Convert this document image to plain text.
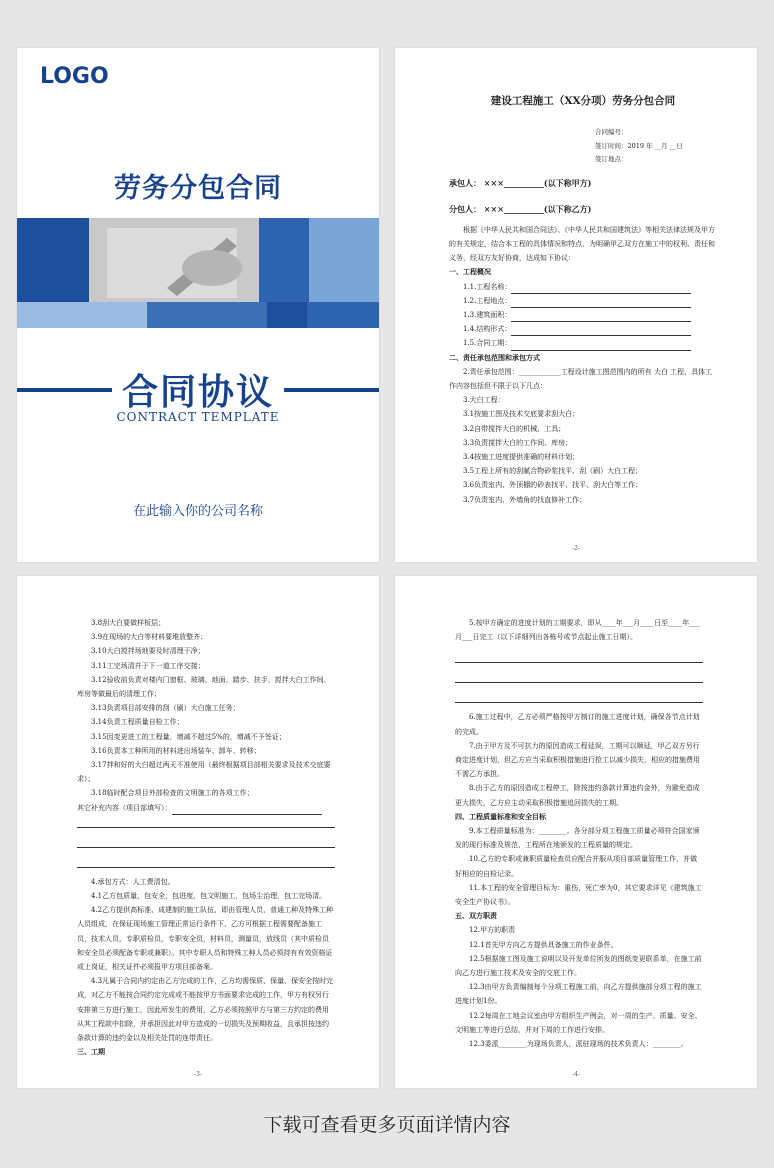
LOGO
劳务分包合同
合同协议
CONTRACT TEMPLATE
在此输入你的公司名称
建设工程施工（XX分项）劳务分包合同

合同编号：

签订时间：2019 年 __月 __日

签订地点：

承包人： ×××__________(以下称甲方)

分包人： ×××__________(以下称乙方)

根据《中华人民共和国合同法》、《中华人民共和国建筑法》等相关法律法规及甲方的有关规定，结合本工程的具体情况和特点，为明确甲乙双方在施工中的权利、责任和义务，经双方友好协商，达成如下协议：

一、工程概况

1.1.工程名称：

1.2.工程地点：

1.3.建筑面积：

1.4.结构形式：

1.5.合同工期：

二、责任承包范围和承包方式

2.责任承包范围：____________工程设计施工图范围内的所有 大白 工程，具体工作内容包括但不限于以下几点：

3.大白工程：

3.1按施工图及技术交底要求刮大白；

3.2自带搅拌大白的机械、工具；

3.3负责搅拌大白的工作间、库房；

3.4按施工进度提供准确的材料计划；

3.5工程上所有的刮腻合物砂浆找平、刮（刷）大白工程；

3.6负责室内、外顶棚的砂表找平、找平、刮大白等工作；

3.7负责室内、外墙角的找直修补工作；

-2-

3.8刮大白要做样板层；

3.9在现场的大白等材料要堆放整齐；

3.10大白搅拌场地要及时清理干净；

3.11工完场清并于下一道工序交接；

3.12验收前负责对楼内门窗框、玻璃、地面、踏步、扶手、搅拌大白工作间、库房等做最后的清理工作；

3.13负责项目部安排的刮（刷）大白施工任务；

3.14负责工程质量自检工作；

3.15因变更进工的工程量，增减不超过5%的，增减不予签证；

3.16负责本工种所用的材料进出场装车、卸车、转移；

3.17拌和好的大白超过两天不准使用（最终根据项目部相关要求及技术交底要求）；

3.18临时配合项目外部检查的文明施工的各项工作；

其它补充内容（项目部填写）：

4.承包方式：人工费清包。

4.1乙方包质量，包安全，包进度，包文明施工，包场尘治理，包工完场清。

4.2乙方提供高标准、成建制的施工队伍，即由管理人员、普通工种及特殊工种人员组成，在保证现场施工管理正常运行条件下，乙方可根据工程需要配备施工员，技术人员，专职质检员，专职安全员，材料员，测量员，放线员（其中质检员和安全员必须配备专职或兼职）。其中专职人员和特殊工种人员必须持有有效资格证或上岗证，相关证件必须报甲方项目部备案。

4.3凡属于合同内约定由乙方完成的工作，乙方均需保质、保量、保安全按时完成，对乙方不能按合同约定完成或不能按甲方书面要求完成的工作，甲方有权另行安排第三方进行施工，因此所发生的费用，乙方必须按照甲方与第三方约定的费用从其工程款中扣除，并承担因此对甲方造成的一切损失及预期收益，且承担按违约条款计算的违约金以及相关处罚的连带责任。

三、工期

-3-

5.按甲方确定的进度计划的工期要求，即从____年___月____日至____年___月___日完工（以下详细列出各栋号或节点起止施工日期）。

6.施工过程中，乙方必须严格按甲方制订的施工进度计划，确保各节点计划的完成。

7.由于甲方及不可抗力的原因造成工程延误，工期可以顺延，甲乙双方另行商定进度计划，但乙方应当采取积极措施进行抢工以减少损失，相应的措施费用不需乙方承担。

8.由于乙方的原因造成工程停工，除按违约条款计算违约金外，为避免造成更大损失，乙方应主动采取积极措施追回损失的工期。

四、工程质量标准和安全目标

9.本工程质量标准为：________。各分部分项工程施工质量必须符合国家颁发的现行标准及规范、工程所在地颁发的工程质量的规定。

10.乙方的专职或兼职质量检查员应配合并服从项目部质量管理工作，并做好相应的自检记录。

11.本工程的安全管理目标为：重伤、死亡率为0，其它要求详见《建筑施工安全生产协议书》。

五、双方职责

12.甲方的职责

12.1首先甲方向乙方提供具备施工的作业条件。

12.5根据施工图及施工说明以及开发单位所发的图纸变更联系单，在施工前向乙方进行施工技术及安全的交底工作。

12.3由甲方负责编制每个分项工程施工前，向乙方提供施部分项工程的施工进度计划1份。

12.2每周在工地会议室由甲方组织生产例会，对一周的生产、质量、安全、文明施工等进行总结，并对下周的工作进行安排。

12.3委派________为现场负责人，派驻现场的技术负责人：________。

-4-
下载可查看更多页面详情内容
